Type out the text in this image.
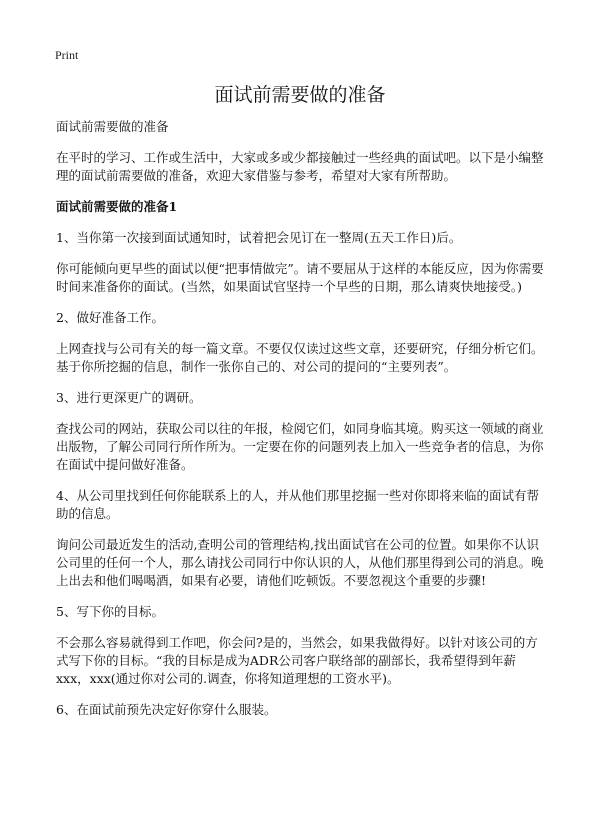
Print
面试前需要做的准备

面试前需要做的准备

在平时的学习、工作或生活中，大家或多或少都接触过一些经典的面试吧。以下是小编整理的面试前需要做的准备，欢迎大家借鉴与参考，希望对大家有所帮助。

面试前需要做的准备1

1、当你第一次接到面试通知时，试着把会见订在一整周(五天工作日)后。

你可能倾向更早些的面试以便“把事情做完”。请不要屈从于这样的本能反应，因为你需要时间来准备你的面试。(当然，如果面试官坚持一个早些的日期，那么请爽快地接受。)

2、做好准备工作。

上网查找与公司有关的每一篇文章。不要仅仅读过这些文章，还要研究，仔细分析它们。基于你所挖掘的信息，制作一张你自己的、对公司的提问的“主要列表”。

3、进行更深更广的调研。

查找公司的网站，获取公司以往的年报，检阅它们，如同身临其境。购买这一领域的商业出版物，了解公司同行所作所为。一定要在你的问题列表上加入一些竞争者的信息，为你在面试中提问做好准备。

4、从公司里找到任何你能联系上的人，并从他们那里挖掘一些对你即将来临的面试有帮助的信息。

询问公司最近发生的活动,查明公司的管理结构,找出面试官在公司的位置。如果你不认识公司里的任何一个人，那么请找公司同行中你认识的人，从他们那里得到公司的消息。晚上出去和他们喝喝酒，如果有必要，请他们吃顿饭。不要忽视这个重要的步骤!

5、写下你的目标。

不会那么容易就得到工作吧，你会问?是的，当然会，如果我做得好。以针对该公司的方式写下你的目标。“我的目标是成为ADR公司客户联络部的副部长，我希望得到年薪xxx，xxx(通过你对公司的.调查，你将知道理想的工资水平)。

6、在面试前预先决定好你穿什么服装。
